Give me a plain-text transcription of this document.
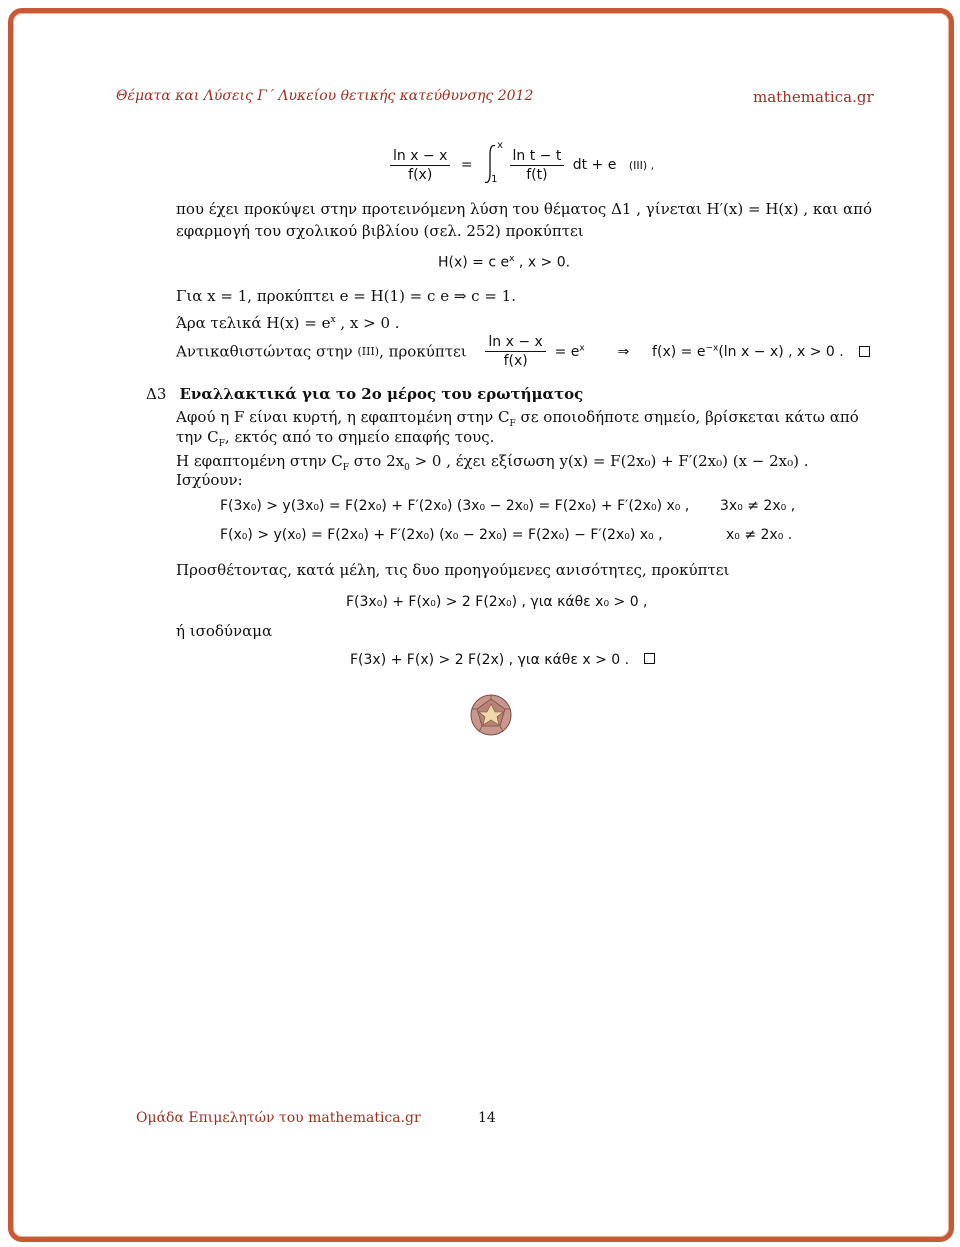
Θέματα και Λύσεις Γ΄ Λυκείου θετικής κατεύθυνσης 2012	mathematica.gr
$\frac{\text{ln x − x}}{f(x)}$ =
x
1
$\frac{\text{ln t − t}}{f(t)}$ dt + e (III) ,
που έχει προκύψει στην προτεινόμενη λύση του θέματος Δ1 , γίνεται H′(x) = H(x) , και από
εφαρμογή του σχολικού βιβλίου (σελ. 252) προκύπτει
H(x) = c $e^x$ , x > 0.
Για x = 1, προκύπτει e = H(1) = c e ⇒ c = 1.
Άρα τελικά $H(x) = e^x$ , x > 0 .
Αντικαθιστώντας στην (III), προκύπτει $\frac{\text{ln x − x}}{f(x)} = e^x$ ⇒ $f(x) = e^{-x}(\ln$ x − x) , x > 0 .
Δ3 Εναλλακτικά για το 2ο μέρος του ερωτήματος
Αφού η F είναι κυρτή, η εφαπτομένη στην $C_F$ σε οποιοδήποτε σημείο, βρίσκεται κάτω από
την $C_F$, εκτός από το σημείο επαφής τους.
Η εφαπτομένη στην $C_F$ στο $2x_0 > 0$ , έχει εξίσωση y(x) = F(2x₀) + F′(2x₀) (x − 2x₀) .
Ισχύουν:
F(3x₀) > y(3x₀) = F(2x₀) + F′(2x₀) (3x₀ − 2x₀) = F(2x₀) + F′(2x₀) x₀ , 3x₀ ≠ 2x₀ ,
F(x₀) > y(x₀) = F(2x₀) + F′(2x₀) (x₀ − 2x₀) = F(2x₀) − F′(2x₀) x₀ ,	x₀ ≠ 2x₀ .
Προσθέτοντας, κατά μέλη, τις δυο προηγούμενες ανισότητες, προκύπτει
F(3x₀) + F(x₀) > 2 F(2x₀) , για κάθε x₀ > 0 ,
ή ισοδύναμα
F(3x) + F(x) > 2 F(2x) , για κάθε x > 0 .
Ομάδα Επιμελητών του mathematica.gr	14
